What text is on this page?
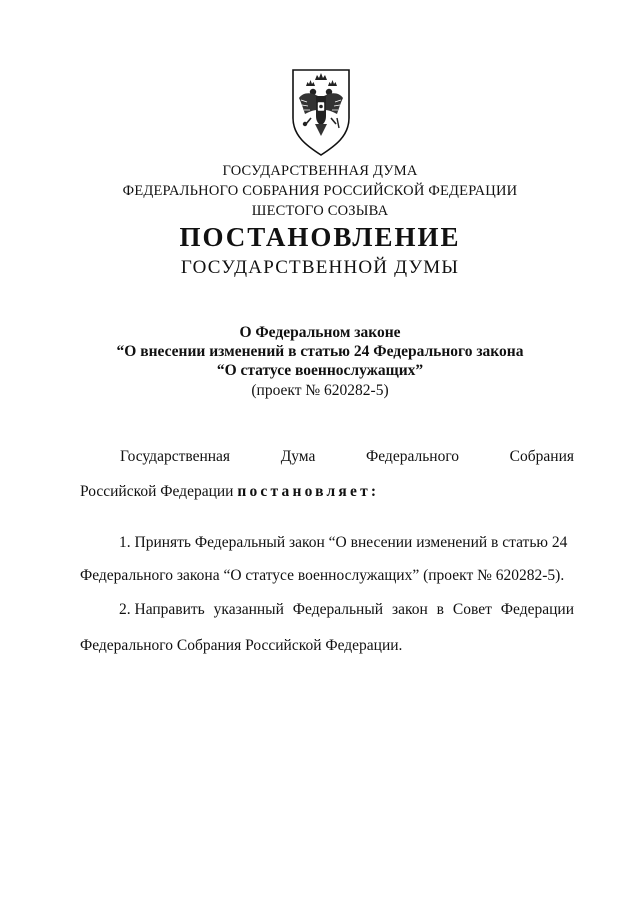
ГОСУДАРСТВЕННАЯ ДУМА
ФЕДЕРАЛЬНОГО СОБРАНИЯ РОССИЙСКОЙ ФЕДЕРАЦИИ
ШЕСТОГО СОЗЫВА
ПОСТАНОВЛЕНИЕ
ГОСУДАРСТВЕННОЙ ДУМЫ
О Федеральном законе
“О внесении изменений в статью 24 Федерального закона
“О статусе военнослужащих”
(проект № 620282-5)
Государственная	Дума	Федерального	Собрания
Российской Федерации постановляет:
1. Принять Федеральный закон “О внесении изменений в статью 24
Федерального закона “О статусе военнослужащих” (проект № 620282-5).
2. Направить указанный Федеральный закон в Совет Федерации
Федерального Собрания Российской Федерации.
